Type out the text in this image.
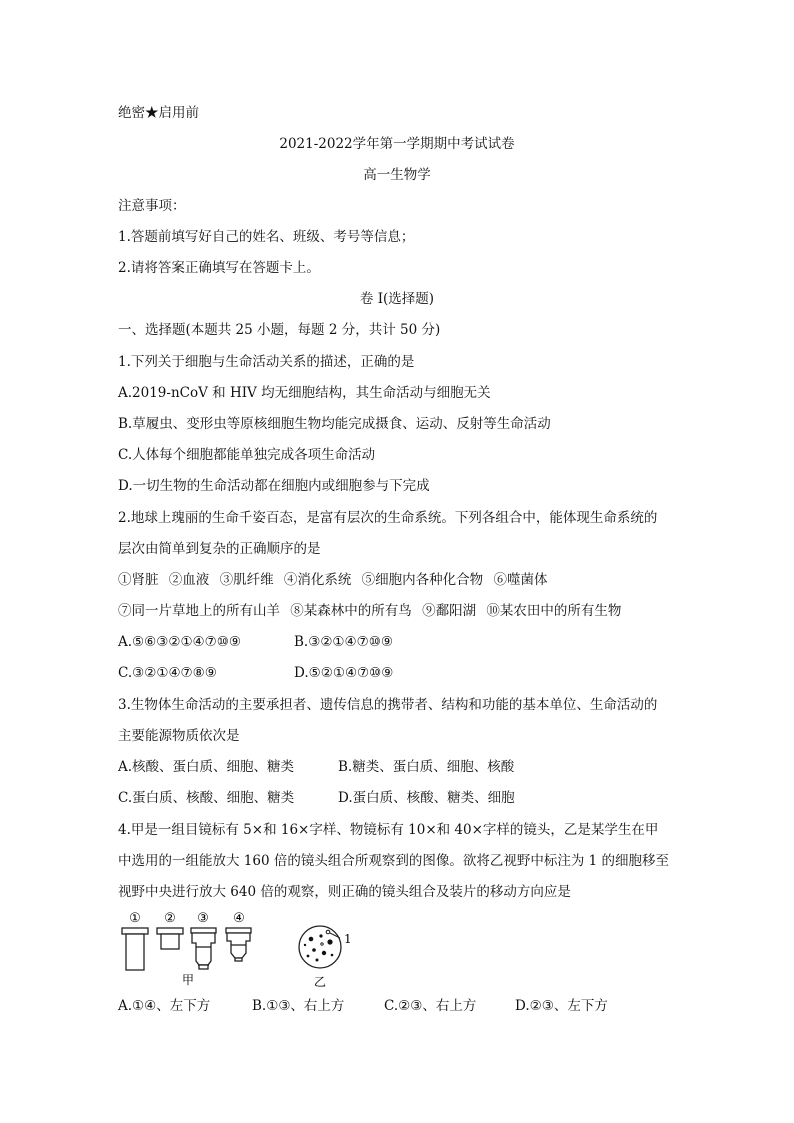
绝密★启用前
2021-2022学年第一学期期中考试试卷
高一生物学
注意事项：
1.答题前填写好自己的姓名、班级、考号等信息；
2.请将答案正确填写在答题卡上。
卷 I(选择题)
一、选择题(本题共 25 小题，每题 2 分，共计 50 分)
1.下列关于细胞与生命活动关系的描述，正确的是
A.2019-nCoV 和 HIV 均无细胞结构，其生命活动与细胞无关
B.草履虫、变形虫等原核细胞生物均能完成摄食、运动、反射等生命活动
C.人体每个细胞都能单独完成各项生命活动
D.一切生物的生命活动都在细胞内或细胞参与下完成
2.地球上瑰丽的生命千姿百态，是富有层次的生命系统。下列各组合中，能体现生命系统的
层次由简单到复杂的正确顺序的是
①肾脏 ②血液 ③肌纤维 ④消化系统 ⑤细胞内各种化合物 ⑥噬菌体
⑦同一片草地上的所有山羊 ⑧某森林中的所有鸟 ⑨鄱阳湖 ⑩某农田中的所有生物
A.⑤⑥③②①④⑦⑩⑨	B.③②①④⑦⑩⑨
C.③②①④⑦⑧⑨	D.⑤②①④⑦⑩⑨
3.生物体生命活动的主要承担者、遗传信息的携带者、结构和功能的基本单位、生命活动的
主要能源物质依次是
A.核酸、蛋白质、细胞、糖类	B.糖类、蛋白质、细胞、核酸
C.蛋白质、核酸、细胞、糖类	D.蛋白质、核酸、糖类、细胞
4.甲是一组目镜标有 5×和 16×字样、物镜标有 10×和 40×字样的镜头，乙是某学生在甲
中选用的一组能放大 160 倍的镜头组合所观察到的图像。欲将乙视野中标注为 1 的细胞移至
视野中央进行放大 640 倍的观察，则正确的镜头组合及装片的移动方向应是
① ② ③ ④
1
甲	乙
A.①④、左下方	B.①③、右上方	C.②③、右上方	D.②③、左下方
